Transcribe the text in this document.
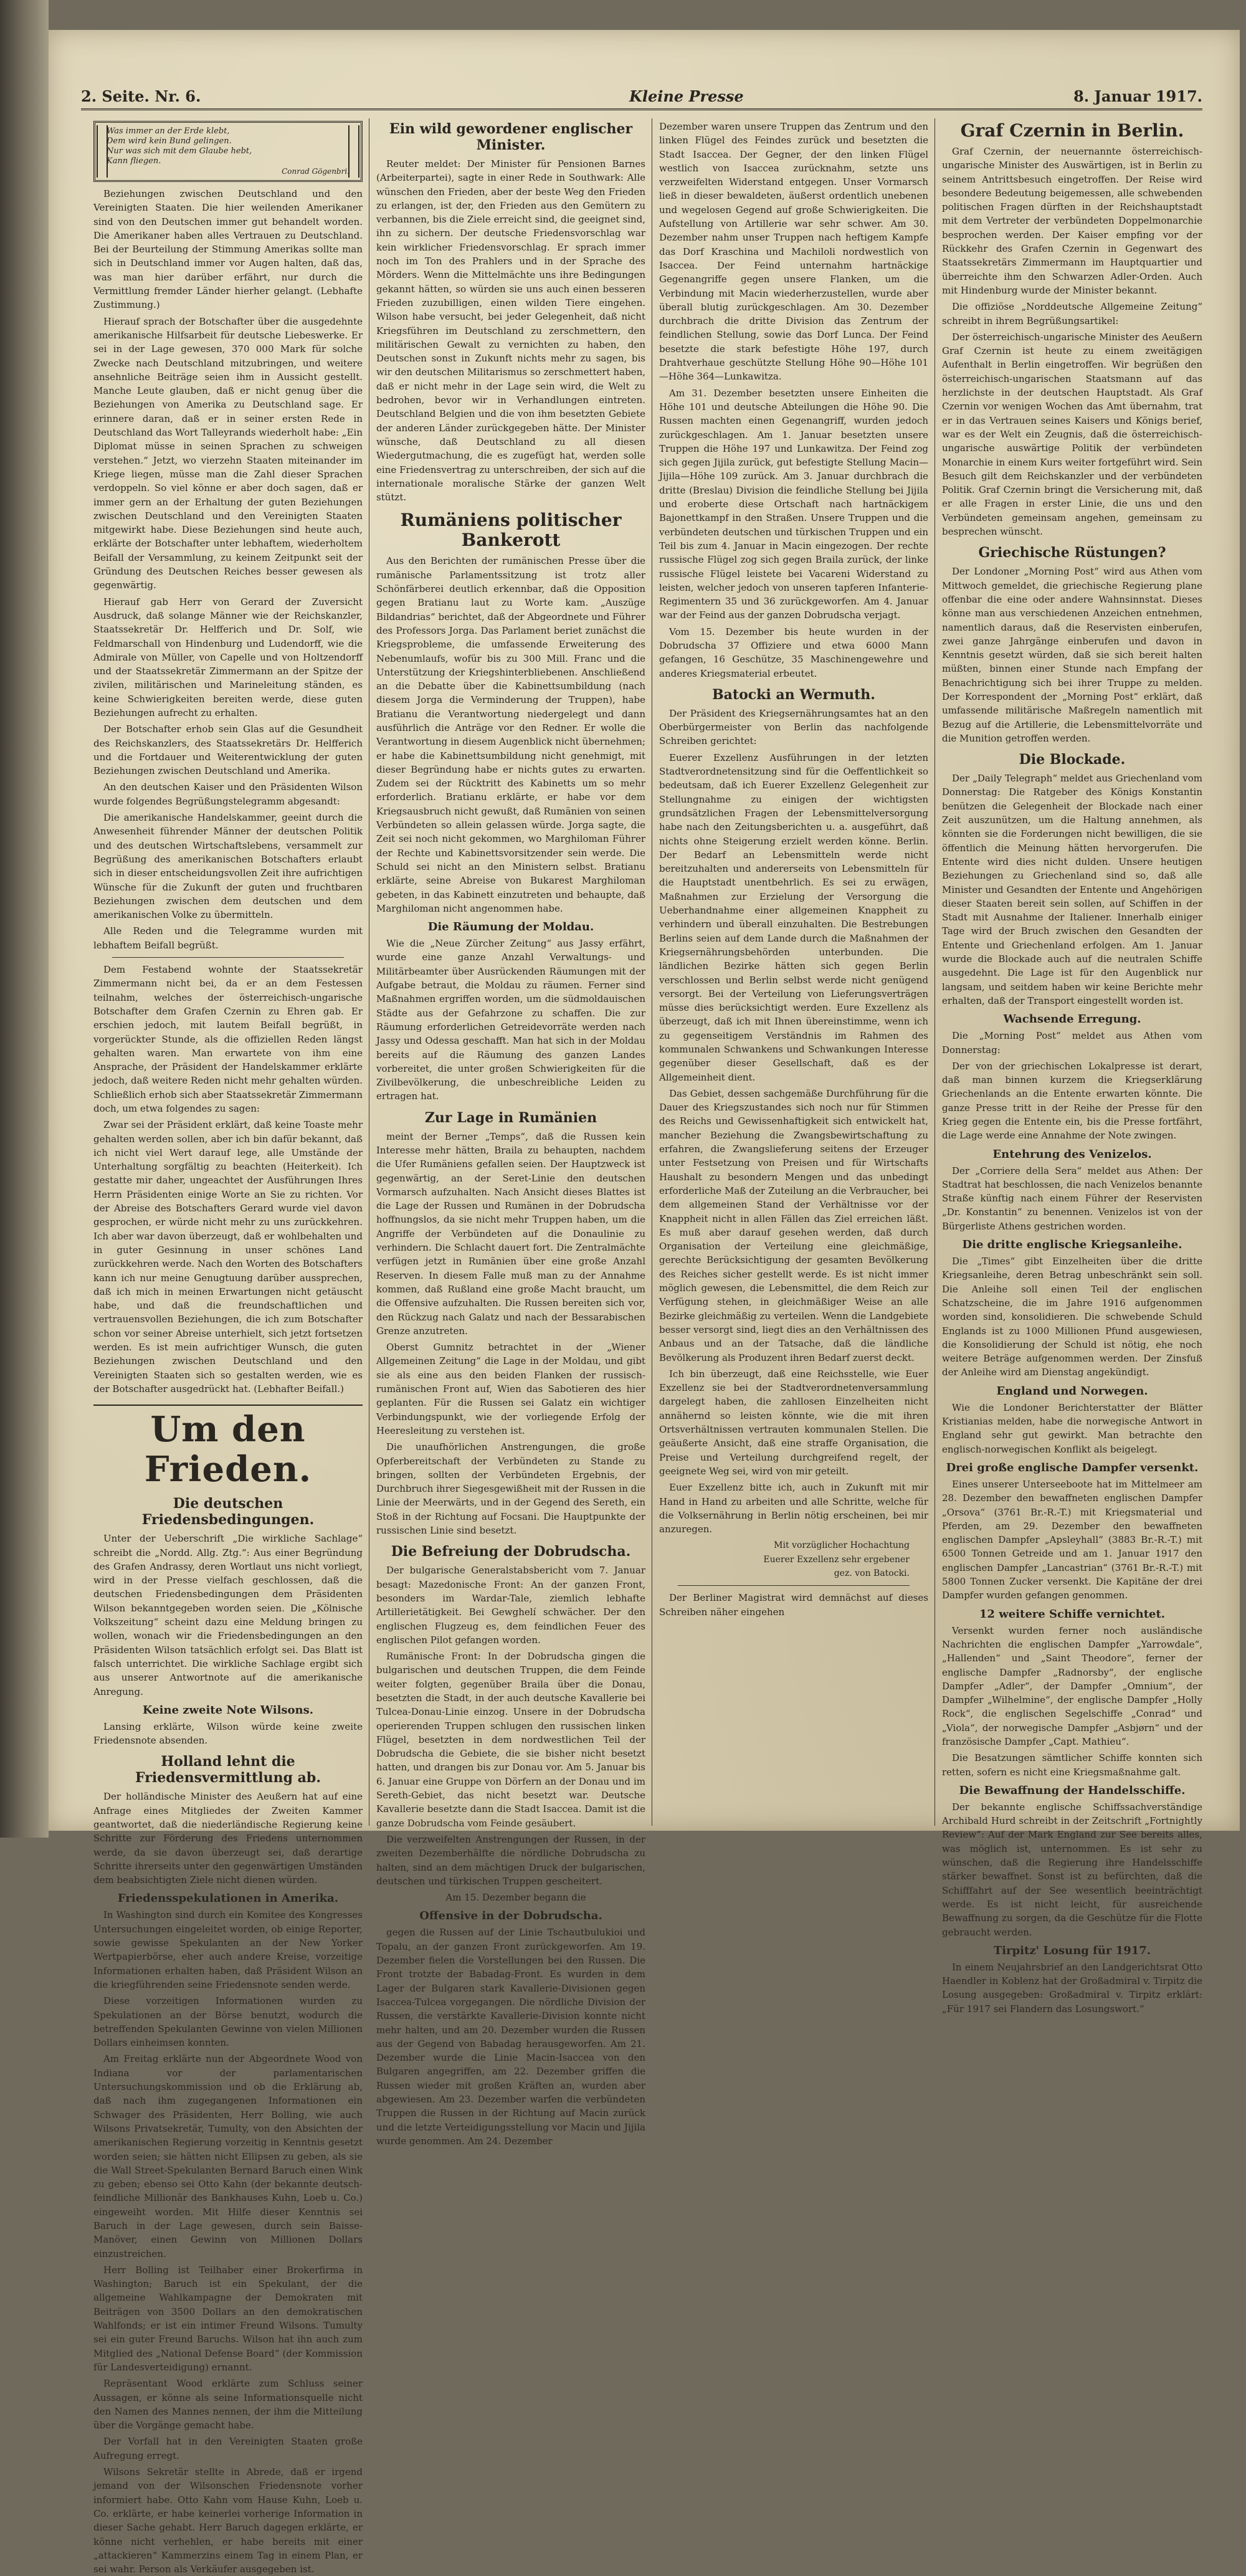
2. Seite. Nr. 6.	Kleine Presse	8. Januar 1917.
Was immer an der Erde klebt,
Dem wird kein Bund gelingen.
Nur was sich mit dem Glaube hebt,
Kann fliegen.
Conrad Gögenbri.

Beziehungen zwischen Deutschland und den Vereinigten Staaten. Die hier weilenden Amerikaner sind von den Deutschen immer gut behandelt worden. Die Amerikaner haben alles Vertrauen zu Deutschland. Bei der Beurteilung der Stimmung Amerikas sollte man sich in Deutschland immer vor Augen halten, daß das, was man hier darüber erfährt, nur durch die Vermittlung fremder Länder hierher gelangt. (Lebhafte Zustimmung.)

Hierauf sprach der Botschafter über die ausgedehnte amerikanische Hilfsarbeit für deutsche Liebeswerke. Er sei in der Lage gewesen, 370 000 Mark für solche Zwecke nach Deutschland mitzubringen, und weitere ansehnliche Beiträge seien ihm in Aussicht gestellt. Manche Leute glauben, daß er nicht genug über die Beziehungen von Amerika zu Deutschland sage. Er erinnere daran, daß er in seiner ersten Rede in Deutschland das Wort Talleyrands wiederholt habe: „Ein Diplomat müsse in seinen Sprachen zu schweigen verstehen.“ Jetzt, wo vierzehn Staaten miteinander im Kriege liegen, müsse man die Zahl dieser Sprachen verdoppeln. So viel könne er aber doch sagen, daß er immer gern an der Erhaltung der guten Beziehungen zwischen Deutschland und den Vereinigten Staaten mitgewirkt habe. Diese Beziehungen sind heute auch, erklärte der Botschafter unter lebhaftem, wiederholtem Beifall der Versammlung, zu keinem Zeitpunkt seit der Gründung des Deutschen Reiches besser gewesen als gegenwärtig.

Hierauf gab Herr von Gerard der Zuversicht Ausdruck, daß solange Männer wie der Reichskanzler, Staatssekretär Dr. Helfferich und Dr. Solf, wie Feldmarschall von Hindenburg und Ludendorff, wie die Admirale von Müller, von Capelle und von Holtzendorff und der Staatssekretär Zimmermann an der Spitze der zivilen, militärischen und Marineleitung ständen, es keine Schwierigkeiten bereiten werde, diese guten Beziehungen aufrecht zu erhalten.

Der Botschafter erhob sein Glas auf die Gesundheit des Reichskanzlers, des Staatssekretärs Dr. Helfferich und die Fortdauer und Weiterentwicklung der guten Beziehungen zwischen Deutschland und Amerika.

An den deutschen Kaiser und den Präsidenten Wilson wurde folgendes Begrüßungstelegramm abgesandt:

Die amerikanische Handelskammer, geeint durch die Anwesenheit führender Männer der deutschen Politik und des deutschen Wirtschaftslebens, versammelt zur Begrüßung des amerikanischen Botschafters erlaubt sich in dieser entscheidungsvollen Zeit ihre aufrichtigen Wünsche für die Zukunft der guten und fruchtbaren Beziehungen zwischen dem deutschen und dem amerikanischen Volke zu übermitteln.

Alle Reden und die Telegramme wurden mit lebhaftem Beifall begrüßt.

Dem Festabend wohnte der Staatssekretär Zimmermann nicht bei, da er an dem Festessen teilnahm, welches der österreichisch-ungarische Botschafter dem Grafen Czernin zu Ehren gab. Er erschien jedoch, mit lautem Beifall begrüßt, in vorgerückter Stunde, als die offiziellen Reden längst gehalten waren. Man erwartete von ihm eine Ansprache, der Präsident der Handelskammer erklärte jedoch, daß weitere Reden nicht mehr gehalten würden. Schließlich erhob sich aber Staatssekretär Zimmermann doch, um etwa folgendes zu sagen:

Zwar sei der Präsident erklärt, daß keine Toaste mehr gehalten werden sollen, aber ich bin dafür bekannt, daß ich nicht viel Wert darauf lege, alle Umstände der Unterhaltung sorgfältig zu beachten (Heiterkeit). Ich gestatte mir daher, ungeachtet der Ausführungen Ihres Herrn Präsidenten einige Worte an Sie zu richten. Vor der Abreise des Botschafters Gerard wurde viel davon gesprochen, er würde nicht mehr zu uns zurückkehren. Ich aber war davon überzeugt, daß er wohlbehalten und in guter Gesinnung in unser schönes Land zurückkehren werde. Nach den Worten des Botschafters kann ich nur meine Genugtuung darüber aussprechen, daß ich mich in meinen Erwartungen nicht getäuscht habe, und daß die freundschaftlichen und vertrauensvollen Beziehungen, die ich zum Botschafter schon vor seiner Abreise unterhielt, sich jetzt fortsetzen werden. Es ist mein aufrichtiger Wunsch, die guten Beziehungen zwischen Deutschland und den Vereinigten Staaten sich so gestalten werden, wie es der Botschafter ausgedrückt hat. (Lebhafter Beifall.)

Um den Frieden.
Die deutschen Friedensbedingungen.

Unter der Ueberschrift „Die wirkliche Sachlage“ schreibt die „Nordd. Allg. Ztg.“: Aus einer Begründung des Grafen Andrassy, deren Wortlaut uns nicht vorliegt, wird in der Presse vielfach geschlossen, daß die deutschen Friedensbedingungen dem Präsidenten Wilson bekanntgegeben worden seien. Die „Kölnische Volkszeitung“ scheint dazu eine Meldung bringen zu wollen, wonach wir die Friedensbedingungen an den Präsidenten Wilson tatsächlich erfolgt sei. Das Blatt ist falsch unterrichtet. Die wirkliche Sachlage ergibt sich aus unserer Antwortnote auf die amerikanische Anregung.

Keine zweite Note Wilsons.

Lansing erklärte, Wilson würde keine zweite Friedensnote absenden.

Holland lehnt die Friedensvermittlung ab.

Der holländische Minister des Aeußern hat auf eine Anfrage eines Mitgliedes der Zweiten Kammer geantwortet, daß die niederländische Regierung keine Schritte zur Förderung des Friedens unternommen werde, da sie davon überzeugt sei, daß derartige Schritte ihrerseits unter den gegenwärtigen Umständen dem beabsichtigten Ziele nicht dienen würden.

Friedensspekulationen in Amerika.

In Washington sind durch ein Komitee des Kongresses Untersuchungen eingeleitet worden, ob einige Reporter, sowie gewisse Spekulanten an der New Yorker Wertpapierbörse, eher auch andere Kreise, vorzeitige Informationen erhalten haben, daß Präsident Wilson an die kriegführenden seine Friedensnote senden werde.

Diese vorzeitigen Informationen wurden zu Spekulationen an der Börse benutzt, wodurch die betreffenden Spekulanten Gewinne von vielen Millionen Dollars einheimsen konnten.

Am Freitag erklärte nun der Abgeordnete Wood von Indiana vor der parlamentarischen Untersuchungskommission und ob die Erklärung ab, daß nach ihm zugegangenen Informationen ein Schwager des Präsidenten, Herr Bolling, wie auch Wilsons Privatsekretär, Tumulty, von den Absichten der amerikanischen Regierung vorzeitig in Kenntnis gesetzt worden seien; sie hätten nicht Ellipsen zu geben, als sie die Wall Street-Spekulanten Bernard Baruch einen Wink zu geben; ebenso sei Otto Kahn (der bekannte deutsch-feindliche Millionär des Bankhauses Kuhn, Loeb u. Co.) eingeweiht worden. Mit Hilfe dieser Kenntnis sei Baruch in der Lage gewesen, durch sein Baisse-Manöver, einen Gewinn von Millionen Dollars einzustreichen.

Herr Bolling ist Teilhaber einer Brokerfirma in Washington; Baruch ist ein Spekulant, der die allgemeine Wahlkampagne der Demokraten mit Beiträgen von 3500 Dollars an den demokratischen Wahlfonds; er ist ein intimer Freund Wilsons. Tumulty sei ein guter Freund Baruchs. Wilson hat ihn auch zum Mitglied des „National Defense Board“ (der Kommission für Landesverteidigung) ernannt.

Repräsentant Wood erklärte zum Schluss seiner Aussagen, er könne als seine Informationsquelle nicht den Namen des Mannes nennen, der ihm die Mitteilung über die Vorgänge gemacht habe.

Der Vorfall hat in den Vereinigten Staaten große Aufregung erregt.

Wilsons Sekretär stellte in Abrede, daß er irgend jemand von der Wilsonschen Friedensnote vorher informiert habe. Otto Kahn vom Hause Kuhn, Loeb u. Co. erklärte, er habe keinerlei vorherige Information in dieser Sache gehabt. Herr Baruch dagegen erklärte, er könne nicht verhehlen, er habe bereits mit einer „attackieren“ Kammerzins einem Tag in einem Plan, er sei wahr. Person als Verkäufer ausgegeben ist.

Ein wild gewordener englischer Minister.

Reuter meldet: Der Minister für Pensionen Barnes (Arbeiterpartei), sagte in einer Rede in Southwark: Alle wünschen den Frieden, aber der beste Weg den Frieden zu erlangen, ist der, den Frieden aus den Gemütern zu verbannen, bis die Ziele erreicht sind, die geeignet sind, ihn zu sichern. Der deutsche Friedensvorschlag war kein wirklicher Friedensvorschlag. Er sprach immer noch im Ton des Prahlers und in der Sprache des Mörders. Wenn die Mittelmächte uns ihre Bedingungen gekannt hätten, so würden sie uns auch einen besseren Frieden zuzubilligen, einen wilden Tiere eingehen. Wilson habe versucht, bei jeder Gelegenheit, daß nicht Kriegsführen im Deutschland zu zerschmettern, den militärischen Gewalt zu vernichten zu haben, den Deutschen sonst in Zukunft nichts mehr zu sagen, bis wir den deutschen Militarismus so zerschmettert haben, daß er nicht mehr in der Lage sein wird, die Welt zu bedrohen, bevor wir in Verhandlungen eintreten. Deutschland Belgien und die von ihm besetzten Gebiete der anderen Länder zurückgegeben hätte. Der Minister wünsche, daß Deutschland zu all diesen Wiedergutmachung, die es zugefügt hat, werden solle eine Friedensvertrag zu unterschreiben, der sich auf die internationale moralische Stärke der ganzen Welt stützt.

Rumäniens politischer Bankerott

Aus den Berichten der rumänischen Presse über die rumänische Parlamentssitzung ist trotz aller Schönfärberei deutlich erkennbar, daß die Opposition gegen Bratianu laut zu Worte kam. „Auszüge Bildandrias“ berichtet, daß der Abgeordnete und Führer des Professors Jorga. Das Parlament beriet zunächst die Kriegsprobleme, die umfassende Erweiterung des Nebenumlaufs, wofür bis zu 300 Mill. Franc und die Unterstützung der Kriegshinterbliebenen. Anschließend an die Debatte über die Kabinettsumbildung (nach diesem Jorga die Verminderung der Truppen), habe Bratianu die Verantwortung niedergelegt und dann ausführlich die Anträge vor den Redner. Er wolle die Verantwortung in diesem Augenblick nicht übernehmen; er habe die Kabinettsumbildung nicht genehmigt, mit dieser Begründung habe er nichts gutes zu erwarten. Zudem sei der Rücktritt des Kabinetts um so mehr erforderlich. Bratianu erklärte, er habe vor dem Kriegsausbruch nicht gewußt, daß Rumänien von seinen Verbündeten so allein gelassen würde. Jorga sagte, die Zeit sei noch nicht gekommen, wo Marghiloman Führer der Rechte und Kabinettsvorsitzender sein werde. Die Schuld sei nicht an den Ministern selbst. Bratianu erklärte, seine Abreise von Bukarest Marghiloman gebeten, in das Kabinett einzutreten und behaupte, daß Marghiloman nicht angenommen habe.

Die Räumung der Moldau.

Wie die „Neue Zürcher Zeitung“ aus Jassy erfährt, wurde eine ganze Anzahl Verwaltungs- und Militärbeamter über Ausrückenden Räumungen mit der Aufgabe betraut, die Moldau zu räumen. Ferner sind Maßnahmen ergriffen worden, um die südmoldauischen Städte aus der Gefahrzone zu schaffen. Die zur Räumung erforderlichen Getreidevorräte werden nach Jassy und Odessa geschafft. Man hat sich in der Moldau bereits auf die Räumung des ganzen Landes vorbereitet, die unter großen Schwierigkeiten für die Zivilbevölkerung, die unbeschreibliche Leiden zu ertragen hat.

Zur Lage in Rumänien

meint der Berner „Temps“, daß die Russen kein Interesse mehr hätten, Braila zu behaupten, nachdem die Ufer Rumäniens gefallen seien. Der Hauptzweck ist gegenwärtig, an der Seret-Linie den deutschen Vormarsch aufzuhalten. Nach Ansicht dieses Blattes ist die Lage der Russen und Rumänen in der Dobrudscha hoffnungslos, da sie nicht mehr Truppen haben, um die Angriffe der Verbündeten auf die Donaulinie zu verhindern. Die Schlacht dauert fort. Die Zentralmächte verfügen jetzt in Rumänien über eine große Anzahl Reserven. In diesem Falle muß man zu der Annahme kommen, daß Rußland eine große Macht braucht, um die Offensive aufzuhalten. Die Russen bereiten sich vor, den Rückzug nach Galatz und nach der Bessarabischen Grenze anzutreten.

Oberst Gumnitz betrachtet in der „Wiener Allgemeinen Zeitung“ die Lage in der Moldau, und gibt sie als eine aus den beiden Flanken der russisch-rumänischen Front auf, Wien das Sabotieren des hier geplanten. Für die Russen sei Galatz ein wichtiger Verbindungspunkt, wie der vorliegende Erfolg der Heeresleitung zu verstehen ist.

Die unaufhörlichen Anstrengungen, die große Opferbereitschaft der Verbündeten zu Stande zu bringen, sollten der Verbündeten Ergebnis, der Durchbruch ihrer Siegesgewißheit mit der Russen in die Linie der Meerwärts, und in der Gegend des Sereth, ein Stoß in der Richtung auf Focsani. Die Hauptpunkte der russischen Linie sind besetzt.

Die Befreiung der Dobrudscha.

Der bulgarische Generalstabsbericht vom 7. Januar besagt: Mazedonische Front: An der ganzen Front, besonders im Wardar-Tale, ziemlich lebhafte Artillerietätigkeit. Bei Gewghelí schwächer. Der den englischen Flugzeug es, dem feindlichen Feuer des englischen Pilot gefangen worden.

Rumänische Front: In der Dobrudscha gingen die bulgarischen und deutschen Truppen, die dem Feinde weiter folgten, gegenüber Braila über die Donau, besetzten die Stadt, in der auch deutsche Kavallerie bei Tulcea-Donau-Linie einzog. Unsere in der Dobrudscha operierenden Truppen schlugen den russischen linken Flügel, besetzten in dem nordwestlichen Teil der Dobrudscha die Gebiete, die sie bisher nicht besetzt hatten, und drangen bis zur Donau vor. Am 5. Januar bis 6. Januar eine Gruppe von Dörfern an der Donau und im Sereth-Gebiet, das nicht besetzt war. Deutsche Kavallerie besetzte dann die Stadt Isaccea. Damit ist die ganze Dobrudscha vom Feinde gesäubert.

Die verzweifelten Anstrengungen der Russen, in der zweiten Dezemberhälfte die nördliche Dobrudscha zu halten, sind an dem mächtigen Druck der bulgarischen, deutschen und türkischen Truppen gescheitert.

Am 15. Dezember begann die

Offensive in der Dobrudscha.

gegen die Russen auf der Linie Tschautbulukioi und Topalu, an der ganzen Front zurückgeworfen. Am 19. Dezember fielen die Vorstellungen bei den Russen. Die Front trotzte der Babadag-Front. Es wurden in dem Lager der Bulgaren stark Kavallerie-Divisionen gegen Isaccea-Tulcea vorgegangen. Die nördliche Division der Russen, die verstärkte Kavallerie-Division konnte nicht mehr halten, und am 20. Dezember wurden die Russen aus der Gegend von Babadag herausgeworfen. Am 21. Dezember wurde die Linie Macin-Isaccea von den Bulgaren angegriffen, am 22. Dezember griffen die Russen wieder mit großen Kräften an, wurden aber abgewiesen. Am 23. Dezember warfen die verbündeten Truppen die Russen in der Richtung auf Macin zurück und die letzte Verteidigungsstellung vor Macin und Jijila wurde genommen. Am 24. Dezember

Dezember waren unsere Truppen das Zentrum und den linken Flügel des Feindes zurück und besetzten die Stadt Isaccea. Der Gegner, der den linken Flügel westlich von Isaccea zurücknahm, setzte uns verzweifelten Widerstand entgegen. Unser Vormarsch ließ in dieser bewaldeten, äußerst ordentlich unebenen und wegelosen Gegend auf große Schwierigkeiten. Die Aufstellung von Artillerie war sehr schwer. Am 30. Dezember nahm unser Truppen nach heftigem Kampfe das Dorf Kraschina und Machiloli nordwestlich von Isaccea. Der Feind unternahm hartnäckige Gegenangriffe gegen unsere Flanken, um die Verbindung mit Macin wiederherzustellen, wurde aber überall blutig zurückgeschlagen. Am 30. Dezember durchbrach die dritte Division das Zentrum der feindlichen Stellung, sowie das Dorf Lunca. Der Feind besetzte die stark befestigte Höhe 197, durch Drahtverhaue geschützte Stellung Höhe 90—Höhe 101—Höhe 364—Lunkawitza.

Am 31. Dezember besetzten unsere Einheiten die Höhe 101 und deutsche Abteilungen die Höhe 90. Die Russen machten einen Gegenangriff, wurden jedoch zurückgeschlagen. Am 1. Januar besetzten unsere Truppen die Höhe 197 und Lunkawitza. Der Feind zog sich gegen Jijila zurück, gut befestigte Stellung Macin—Jijila—Höhe 109 zurück. Am 3. Januar durchbrach die dritte (Breslau) Division die feindliche Stellung bei Jijila und eroberte diese Ortschaft nach hartnäckigem Bajonettkampf in den Straßen. Unsere Truppen und die verbündeten deutschen und türkischen Truppen und ein Teil bis zum 4. Januar in Macin eingezogen. Der rechte russische Flügel zog sich gegen Braila zurück, der linke russische Flügel leistete bei Vacareni Widerstand zu leisten, welcher jedoch von unseren tapferen Infanterie-Regimentern 35 und 36 zurückgeworfen. Am 4. Januar war der Feind aus der ganzen Dobrudscha verjagt.

Vom 15. Dezember bis heute wurden in der Dobrudscha 37 Offiziere und etwa 6000 Mann gefangen, 16 Geschütze, 35 Maschinengewehre und anderes Kriegsmaterial erbeutet.

Batocki an Wermuth.

Der Präsident des Kriegsernährungsamtes hat an den Oberbürgermeister von Berlin das nachfolgende Schreiben gerichtet:

Euerer Exzellenz Ausführungen in der letzten Stadtverordnetensitzung sind für die Oeffentlichkeit so bedeutsam, daß ich Euerer Exzellenz Gelegenheit zur Stellungnahme zu einigen der wichtigsten grundsätzlichen Fragen der Lebensmittelversorgung habe nach den Zeitungsberichten u. a. ausgeführt, daß nichts ohne Steigerung erzielt werden könne. Berlin. Der Bedarf an Lebensmitteln werde nicht bereitzuhalten und andererseits von Lebensmitteln für die Hauptstadt unentbehrlich. Es sei zu erwägen, Maßnahmen zur Erzielung der Versorgung die Ueberhandnahme einer allgemeinen Knappheit zu verhindern und überall einzuhalten. Die Bestrebungen Berlins seien auf dem Lande durch die Maßnahmen der Kriegsernährungsbehörden unterbunden. Die ländlichen Bezirke hätten sich gegen Berlin verschlossen und Berlin selbst werde nicht genügend versorgt. Bei der Verteilung von Lieferungsverträgen müsse dies berücksichtigt werden. Eure Exzellenz als überzeugt, daß ich mit Ihnen übereinstimme, wenn ich zu gegenseitigem Verständnis im Rahmen des kommunalen Schwankens und Schwankungen Interesse gegenüber dieser Gesellschaft, daß es der Allgemeinheit dient.

Das Gebiet, dessen sachgemäße Durchführung für die Dauer des Kriegszustandes sich noch nur für Stimmen des Reichs und Gewissenhaftigkeit sich entwickelt hat, mancher Beziehung die Zwangsbewirtschaftung zu erfahren, die Zwangslieferung seitens der Erzeuger unter Festsetzung von Preisen und für Wirtschafts Haushalt zu besondern Mengen und das unbedingt erforderliche Maß der Zuteilung an die Verbraucher, bei dem allgemeinen Stand der Verhältnisse vor der Knappheit nicht in allen Fällen das Ziel erreichen läßt. Es muß aber darauf gesehen werden, daß durch Organisation der Verteilung eine gleichmäßige, gerechte Berücksichtigung der gesamten Bevölkerung des Reiches sicher gestellt werde. Es ist nicht immer möglich gewesen, die Lebensmittel, die dem Reich zur Verfügung stehen, in gleichmäßiger Weise an alle Bezirke gleichmäßig zu verteilen. Wenn die Landgebiete besser versorgt sind, liegt dies an den Verhältnissen des Anbaus und an der Tatsache, daß die ländliche Bevölkerung als Produzent ihren Bedarf zuerst deckt.

Ich bin überzeugt, daß eine Reichsstelle, wie Euer Exzellenz sie bei der Stadtverordnetenversammlung dargelegt haben, die zahllosen Einzelheiten nicht annähernd so leisten könnte, wie die mit ihren Ortsverhältnissen vertrauten kommunalen Stellen. Die geäußerte Ansicht, daß eine straffe Organisation, die Preise und Verteilung durchgreifend regelt, der geeignete Weg sei, wird von mir geteilt.

Euer Exzellenz bitte ich, auch in Zukunft mit mir Hand in Hand zu arbeiten und alle Schritte, welche für die Volksernährung in Berlin nötig erscheinen, bei mir anzuregen.

Mit vorzüglicher Hochachtung
Euerer Exzellenz sehr ergebener
gez. von Batocki.

Der Berliner Magistrat wird demnächst auf dieses Schreiben näher eingehen

Graf Czernin in Berlin.

Graf Czernin, der neuernannte österreichisch-ungarische Minister des Auswärtigen, ist in Berlin zu seinem Antrittsbesuch eingetroffen. Der Reise wird besondere Bedeutung beigemessen, alle schwebenden politischen Fragen dürften in der Reichshauptstadt mit dem Vertreter der verbündeten Doppelmonarchie besprochen werden. Der Kaiser empfing vor der Rückkehr des Grafen Czernin in Gegenwart des Staatssekretärs Zimmermann im Hauptquartier und überreichte ihm den Schwarzen Adler-Orden. Auch mit Hindenburg wurde der Minister bekannt.

Die offiziöse „Norddeutsche Allgemeine Zeitung“ schreibt in ihrem Begrüßungsartikel:

Der österreichisch-ungarische Minister des Aeußern Graf Czernin ist heute zu einem zweitägigen Aufenthalt in Berlin eingetroffen. Wir begrüßen den österreichisch-ungarischen Staatsmann auf das herzlichste in der deutschen Hauptstadt. Als Graf Czernin vor wenigen Wochen das Amt übernahm, trat er in das Vertrauen seines Kaisers und Königs berief, war es der Welt ein Zeugnis, daß die österreichisch-ungarische auswärtige Politik der verbündeten Monarchie in einem Kurs weiter fortgeführt wird. Sein Besuch gilt dem Reichskanzler und der verbündeten Politik. Graf Czernin bringt die Versicherung mit, daß er alle Fragen in erster Linie, die uns und den Verbündeten gemeinsam angehen, gemeinsam zu besprechen wünscht.

Griechische Rüstungen?

Der Londoner „Morning Post“ wird aus Athen vom Mittwoch gemeldet, die griechische Regierung plane offenbar die eine oder andere Wahnsinnstat. Dieses könne man aus verschiedenen Anzeichen entnehmen, namentlich daraus, daß die Reservisten einberufen, zwei ganze Jahrgänge einberufen und davon in Kenntnis gesetzt würden, daß sie sich bereit halten müßten, binnen einer Stunde nach Empfang der Benachrichtigung sich bei ihrer Truppe zu melden. Der Korrespondent der „Morning Post“ erklärt, daß umfassende militärische Maßregeln namentlich mit Bezug auf die Artillerie, die Lebensmittelvorräte und die Munition getroffen werden.

Die Blockade.

Der „Daily Telegraph“ meldet aus Griechenland vom Donnerstag: Die Ratgeber des Königs Konstantin benützen die Gelegenheit der Blockade nach einer Zeit auszunützen, um die Haltung annehmen, als könnten sie die Forderungen nicht bewilligen, die sie öffentlich die Meinung hätten hervorgerufen. Die Entente wird dies nicht dulden. Unsere heutigen Beziehungen zu Griechenland sind so, daß alle Minister und Gesandten der Entente und Angehörigen dieser Staaten bereit sein sollen, auf Schiffen in der Stadt mit Ausnahme der Italiener. Innerhalb einiger Tage wird der Bruch zwischen den Gesandten der Entente und Griechenland erfolgen. Am 1. Januar wurde die Blockade auch auf die neutralen Schiffe ausgedehnt. Die Lage ist für den Augenblick nur langsam, und seitdem haben wir keine Berichte mehr erhalten, daß der Transport eingestellt worden ist.

Wachsende Erregung.

Die „Morning Post“ meldet aus Athen vom Donnerstag:

Der von der griechischen Lokalpresse ist derart, daß man binnen kurzem die Kriegserklärung Griechenlands an die Entente erwarten könnte. Die ganze Presse tritt in der Reihe der Presse für den Krieg gegen die Entente ein, bis die Presse fortfährt, die Lage werde eine Annahme der Note zwingen.

Entehrung des Venizelos.

Der „Corriere della Sera“ meldet aus Athen: Der Stadtrat hat beschlossen, die nach Venizelos benannte Straße künftig nach einem Führer der Reservisten „Dr. Konstantin“ zu benennen. Venizelos ist von der Bürgerliste Athens gestrichen worden.

Die dritte englische Kriegsanleihe.

Die „Times“ gibt Einzelheiten über die dritte Kriegsanleihe, deren Betrag unbeschränkt sein soll. Die Anleihe soll einen Teil der englischen Schatzscheine, die im Jahre 1916 aufgenommen worden sind, konsolidieren. Die schwebende Schuld Englands ist zu 1000 Millionen Pfund ausgewiesen, die Konsolidierung der Schuld ist nötig, ehe noch weitere Beträge aufgenommen werden. Der Zinsfuß der Anleihe wird am Dienstag angekündigt.

England und Norwegen.

Wie die Londoner Berichterstatter der Blätter Kristianias melden, habe die norwegische Antwort in England sehr gut gewirkt. Man betrachte den englisch-norwegischen Konflikt als beigelegt.

Drei große englische Dampfer versenkt.

Eines unserer Unterseeboote hat im Mittelmeer am 28. Dezember den bewaffneten englischen Dampfer „Orsova“ (3761 Br.-R.-T.) mit Kriegsmaterial und Pferden, am 29. Dezember den bewaffneten englischen Dampfer „Apsleyhall“ (3883 Br.-R.-T.) mit 6500 Tonnen Getreide und am 1. Januar 1917 den englischen Dampfer „Lancastrian“ (3761 Br.-R.-T.) mit 5800 Tonnen Zucker versenkt. Die Kapitäne der drei Dampfer wurden gefangen genommen.

12 weitere Schiffe vernichtet.

Versenkt wurden ferner noch ausländische Nachrichten die englischen Dampfer „Yarrowdale“, „Hallenden“ und „Saint Theodore“, ferner der englische Dampfer „Radnorsby“, der englische Dampfer „Adler“, der Dampfer „Omnium“, der Dampfer „Wilhelmine“, der englische Dampfer „Holly Rock“, die englischen Segelschiffe „Conrad“ und „Viola“, der norwegische Dampfer „Asbjørn“ und der französische Dampfer „Capt. Mathieu“.

Die Besatzungen sämtlicher Schiffe konnten sich retten, sofern es nicht eine Kriegsmaßnahme galt.

Die Bewaffnung der Handelsschiffe.

Der bekannte englische Schiffssachverständige Archibald Hurd schreibt in der Zeitschrift „Fortnightly Review“: Auf der Mark England zur See bereits alles, was möglich ist, unternommen. Es ist sehr zu wünschen, daß die Regierung ihre Handelsschiffe stärker bewaffnet. Sonst ist zu befürchten, daß die Schifffahrt auf der See wesentlich beeinträchtigt werde. Es ist nicht leicht, für ausreichende Bewaffnung zu sorgen, da die Geschütze für die Flotte gebraucht werden.

Tirpitz' Losung für 1917.

In einem Neujahrsbrief an den Landgerichtsrat Otto Haendler in Koblenz hat der Großadmiral v. Tirpitz die Losung ausgegeben: Großadmiral v. Tirpitz erklärt: „Für 1917 sei Flandern das Losungswort.“
